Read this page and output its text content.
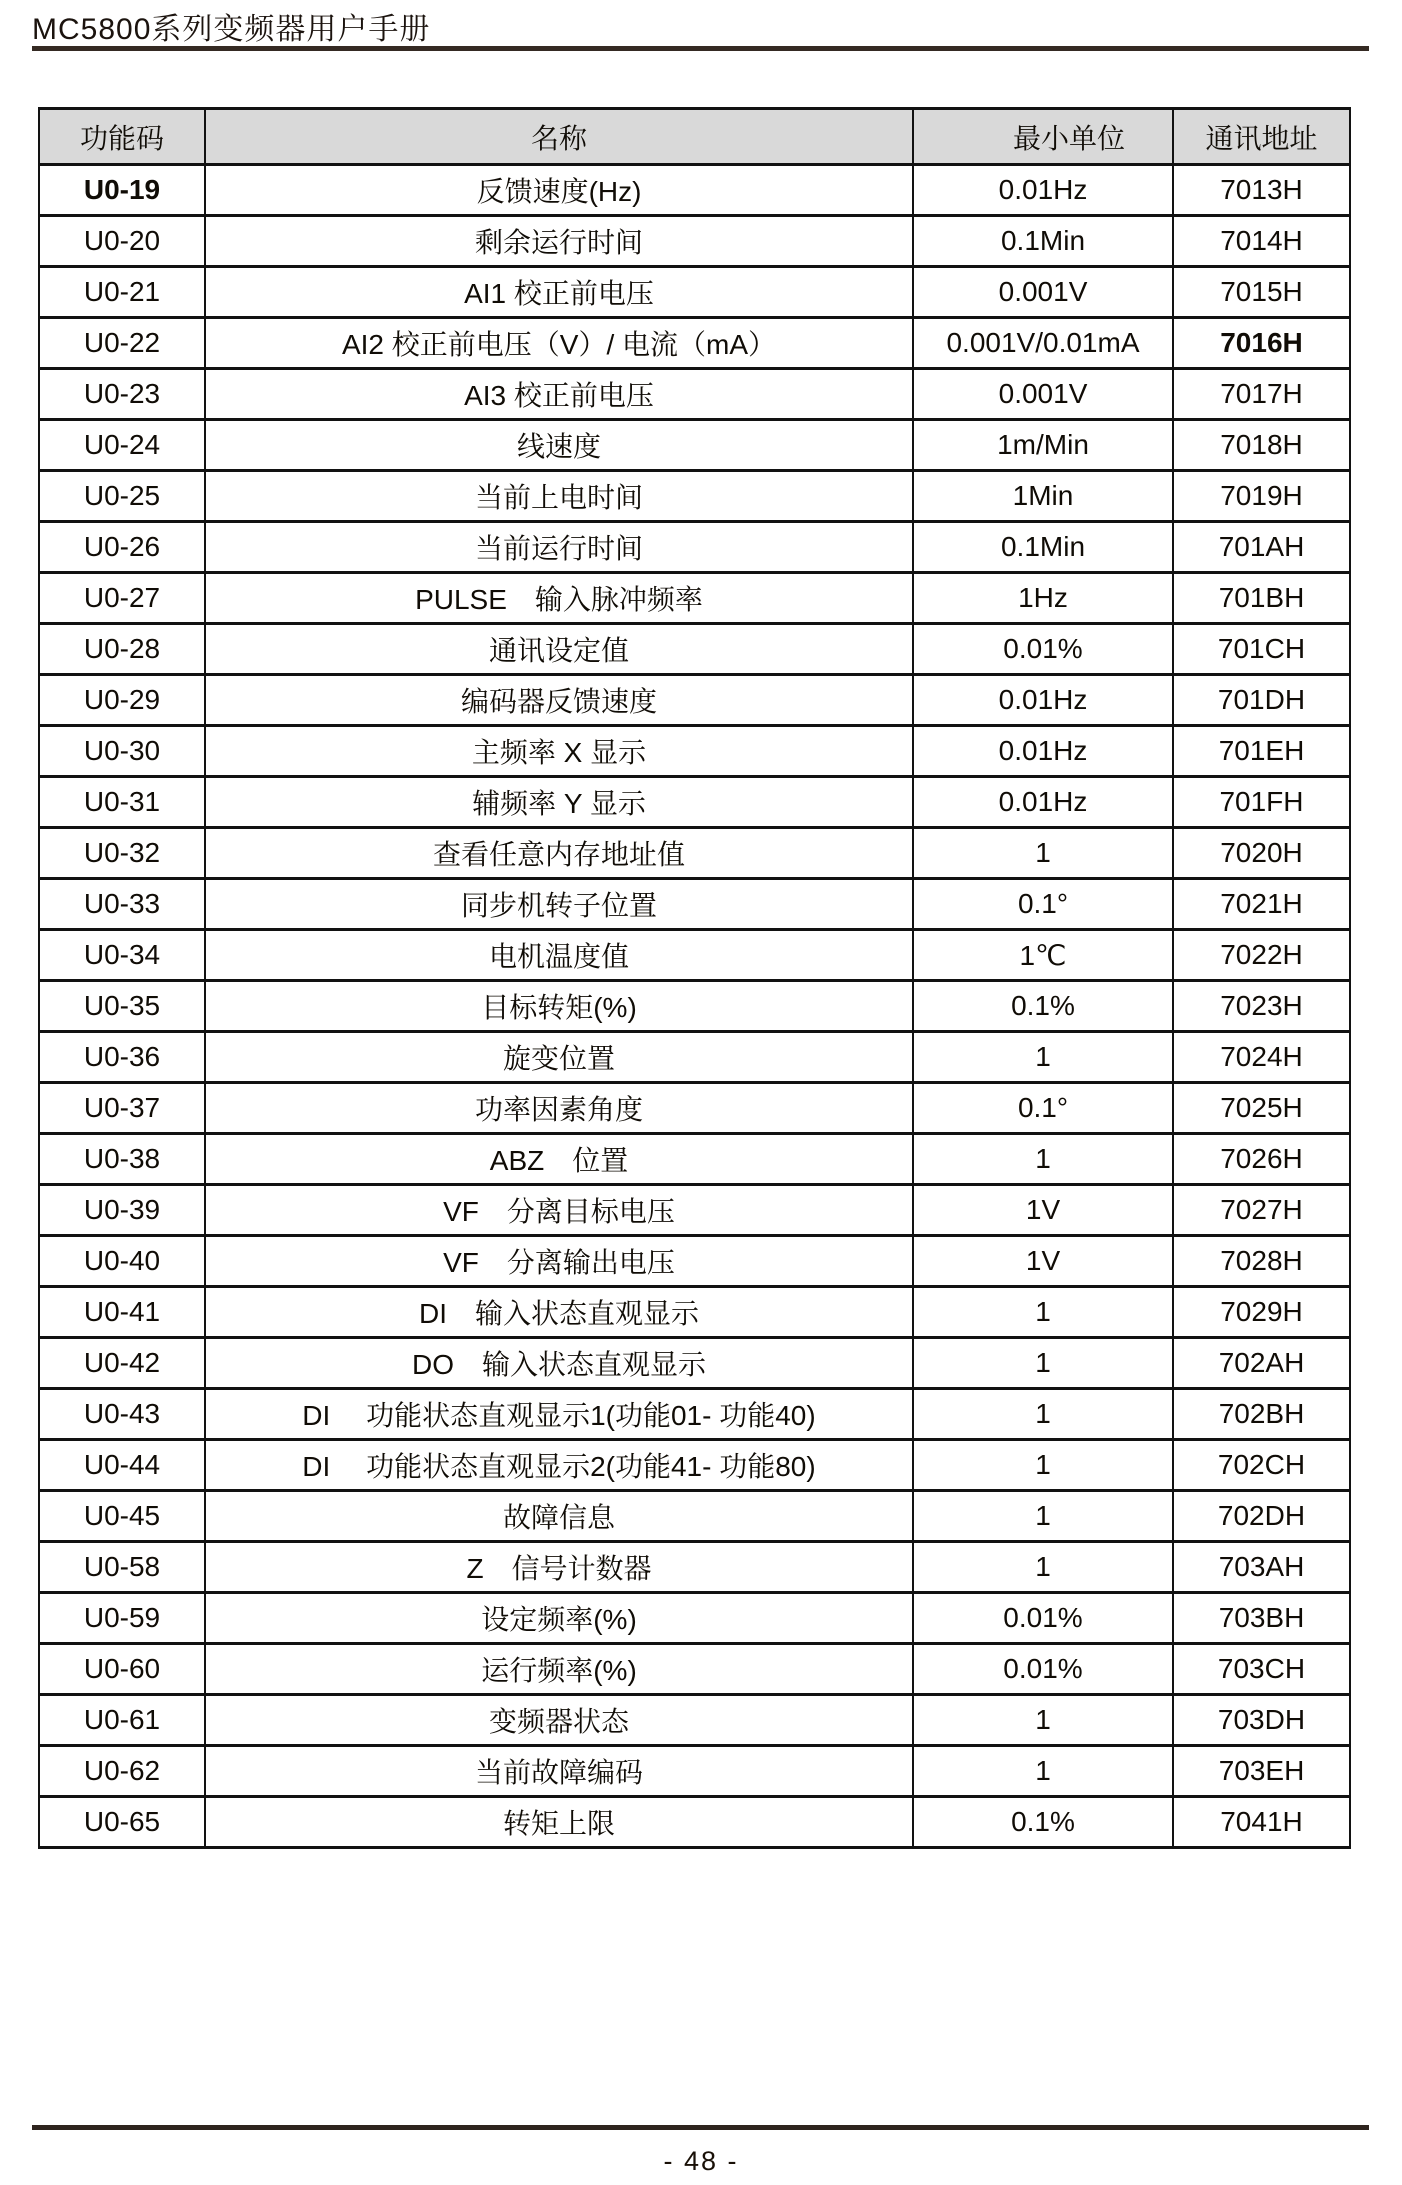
MC5800系列变频器用户手册
功能码	名称	最小单位	通讯地址
U0-19	反馈速度(Hz)	0.01Hz	7013H
U0-20	剩余运行时间	0.1Min	7014H
U0-21	AI1 校正前电压	0.001V	7015H
U0-22	AI2 校正前电压（V）/ 电流（mA）	0.001V/0.01mA	7016H
U0-23	AI3 校正前电压	0.001V	7017H
U0-24	线速度	1m/Min	7018H
U0-25	当前上电时间	1Min	7019H
U0-26	当前运行时间	0.1Min	701AH
U0-27	PULSE　输入脉冲频率	1Hz	701BH
U0-28	通讯设定值	0.01%	701CH
U0-29	编码器反馈速度	0.01Hz	701DH
U0-30	主频率 X 显示	0.01Hz	701EH
U0-31	辅频率 Y 显示	0.01Hz	701FH
U0-32	查看任意内存地址值	1	7020H
U0-33	同步机转子位置	0.1°	7021H
U0-34	电机温度值	1℃	7022H
U0-35	目标转矩(%)	0.1%	7023H
U0-36	旋变位置	1	7024H
U0-37	功率因素角度	0.1°	7025H
U0-38	ABZ　位置	1	7026H
U0-39	VF　分离目标电压	1V	7027H
U0-40	VF　分离输出电压	1V	7028H
U0-41	DI　输入状态直观显示	1	7029H
U0-42	DO　输入状态直观显示	1	702AH
U0-43	DI　 功能状态直观显示1(功能01- 功能40)	1	702BH
U0-44	DI　 功能状态直观显示2(功能41- 功能80)	1	702CH
U0-45	故障信息	1	702DH
U0-58	Z　信号计数器	1	703AH
U0-59	设定频率(%)	0.01%	703BH
U0-60	运行频率(%)	0.01%	703CH
U0-61	变频器状态	1	703DH
U0-62	当前故障编码	1	703EH
U0-65	转矩上限	0.1%	7041H
- 48 -
